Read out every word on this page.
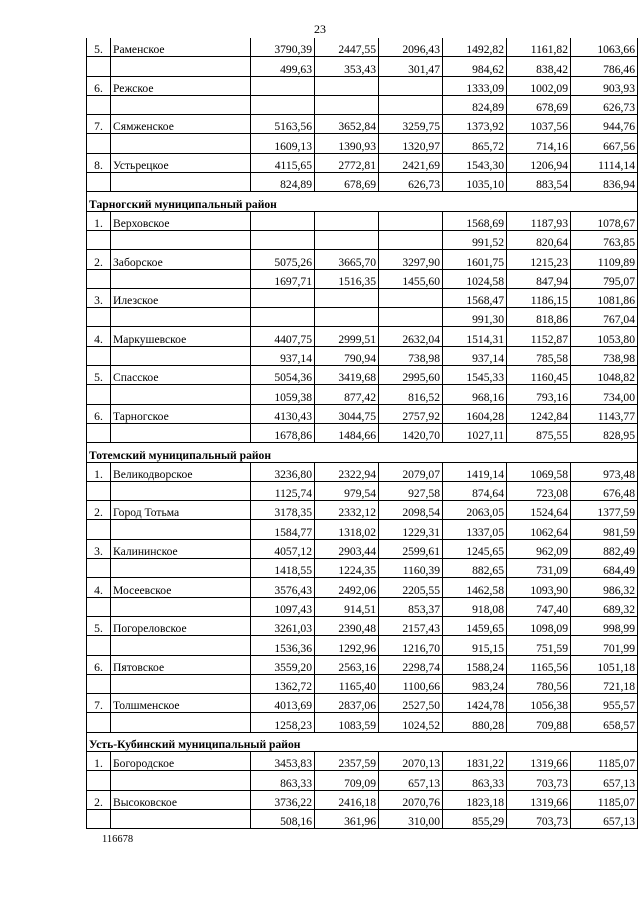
23
5.	Раменское	3790,39	2447,55	2096,43	1492,82	1161,82	1063,66
		499,63	353,43	301,47	984,62	838,42	786,46
6.	Режское				1333,09	1002,09	903,93
					824,89	678,69	626,73
7.	Сямженское	5163,56	3652,84	3259,75	1373,92	1037,56	944,76
		1609,13	1390,93	1320,97	865,72	714,16	667,56
8.	Устьрецкое	4115,65	2772,81	2421,69	1543,30	1206,94	1114,14
		824,89	678,69	626,73	1035,10	883,54	836,94
Тарногский муниципальный район							
1.	Верховское				1568,69	1187,93	1078,67
					991,52	820,64	763,85
2.	Заборское	5075,26	3665,70	3297,90	1601,75	1215,23	1109,89
		1697,71	1516,35	1455,60	1024,58	847,94	795,07
3.	Илезское				1568,47	1186,15	1081,86
					991,30	818,86	767,04
4.	Маркушевское	4407,75	2999,51	2632,04	1514,31	1152,87	1053,80
		937,14	790,94	738,98	937,14	785,58	738,98
5.	Спасское	5054,36	3419,68	2995,60	1545,33	1160,45	1048,82
		1059,38	877,42	816,52	968,16	793,16	734,00
6.	Тарногское	4130,43	3044,75	2757,92	1604,28	1242,84	1143,77
		1678,86	1484,66	1420,70	1027,11	875,55	828,95
Тотемский муниципальный район							
1.	Великодворское	3236,80	2322,94	2079,07	1419,14	1069,58	973,48
		1125,74	979,54	927,58	874,64	723,08	676,48
2.	Город Тотьма	3178,35	2332,12	2098,54	2063,05	1524,64	1377,59
		1584,77	1318,02	1229,31	1337,05	1062,64	981,59
3.	Калининское	4057,12	2903,44	2599,61	1245,65	962,09	882,49
		1418,55	1224,35	1160,39	882,65	731,09	684,49
4.	Мосеевское	3576,43	2492,06	2205,55	1462,58	1093,90	986,32
		1097,43	914,51	853,37	918,08	747,40	689,32
5.	Погореловское	3261,03	2390,48	2157,43	1459,65	1098,09	998,99
		1536,36	1292,96	1216,70	915,15	751,59	701,99
6.	Пятовское	3559,20	2563,16	2298,74	1588,24	1165,56	1051,18
		1362,72	1165,40	1100,66	983,24	780,56	721,18
7.	Толшменское	4013,69	2837,06	2527,50	1424,78	1056,38	955,57
		1258,23	1083,59	1024,52	880,28	709,88	658,57
Усть-Кубинский муниципальный район							
1.	Богородское	3453,83	2357,59	2070,13	1831,22	1319,66	1185,07
		863,33	709,09	657,13	863,33	703,73	657,13
2.	Высоковское	3736,22	2416,18	2070,76	1823,18	1319,66	1185,07
		508,16	361,96	310,00	855,29	703,73	657,13
116678
